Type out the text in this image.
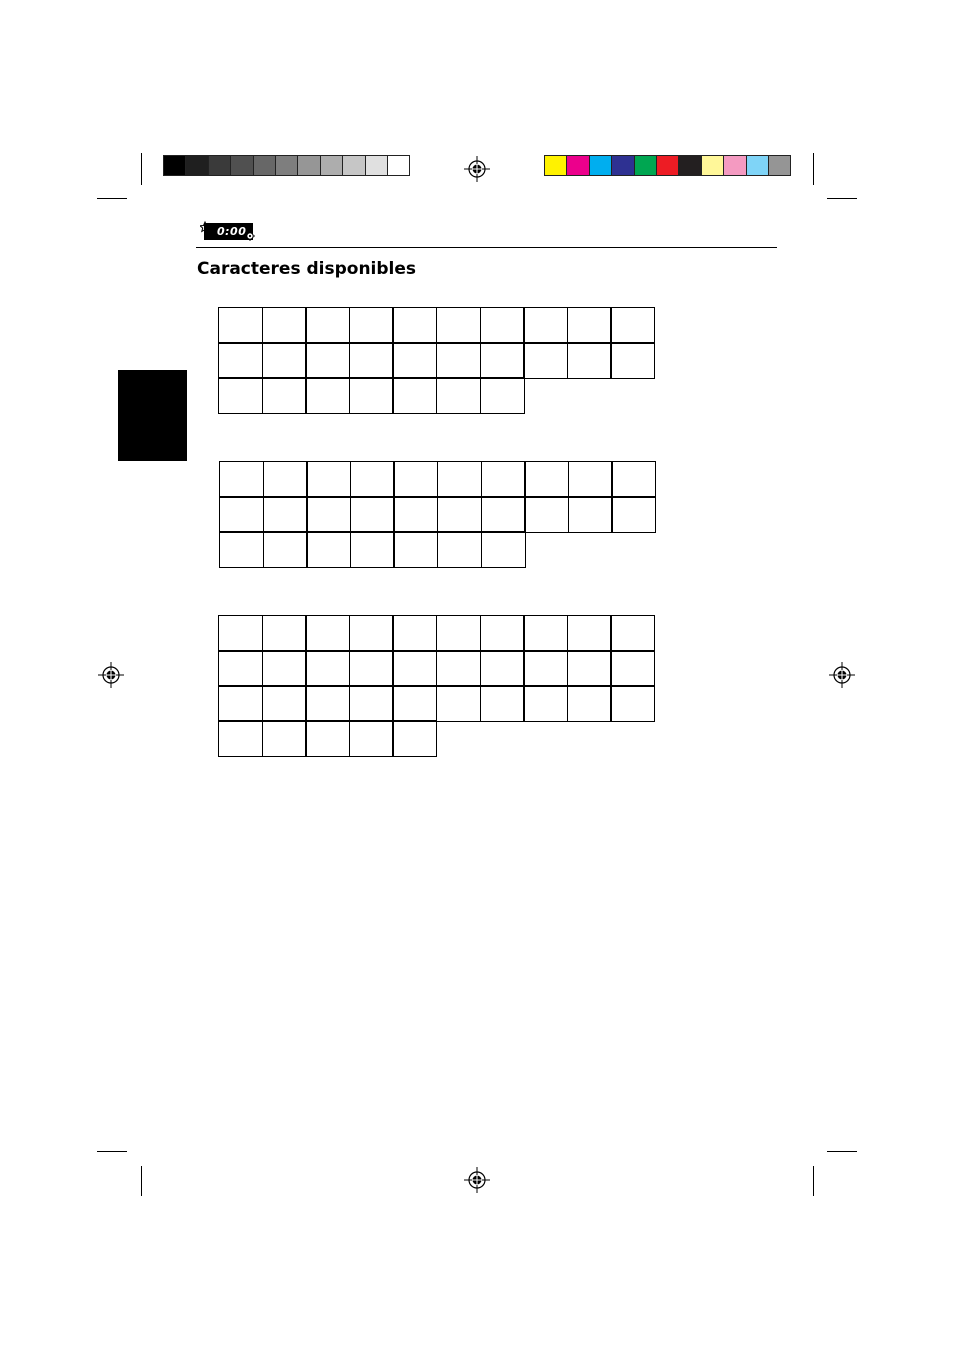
0:00
Caracteres disponibles
